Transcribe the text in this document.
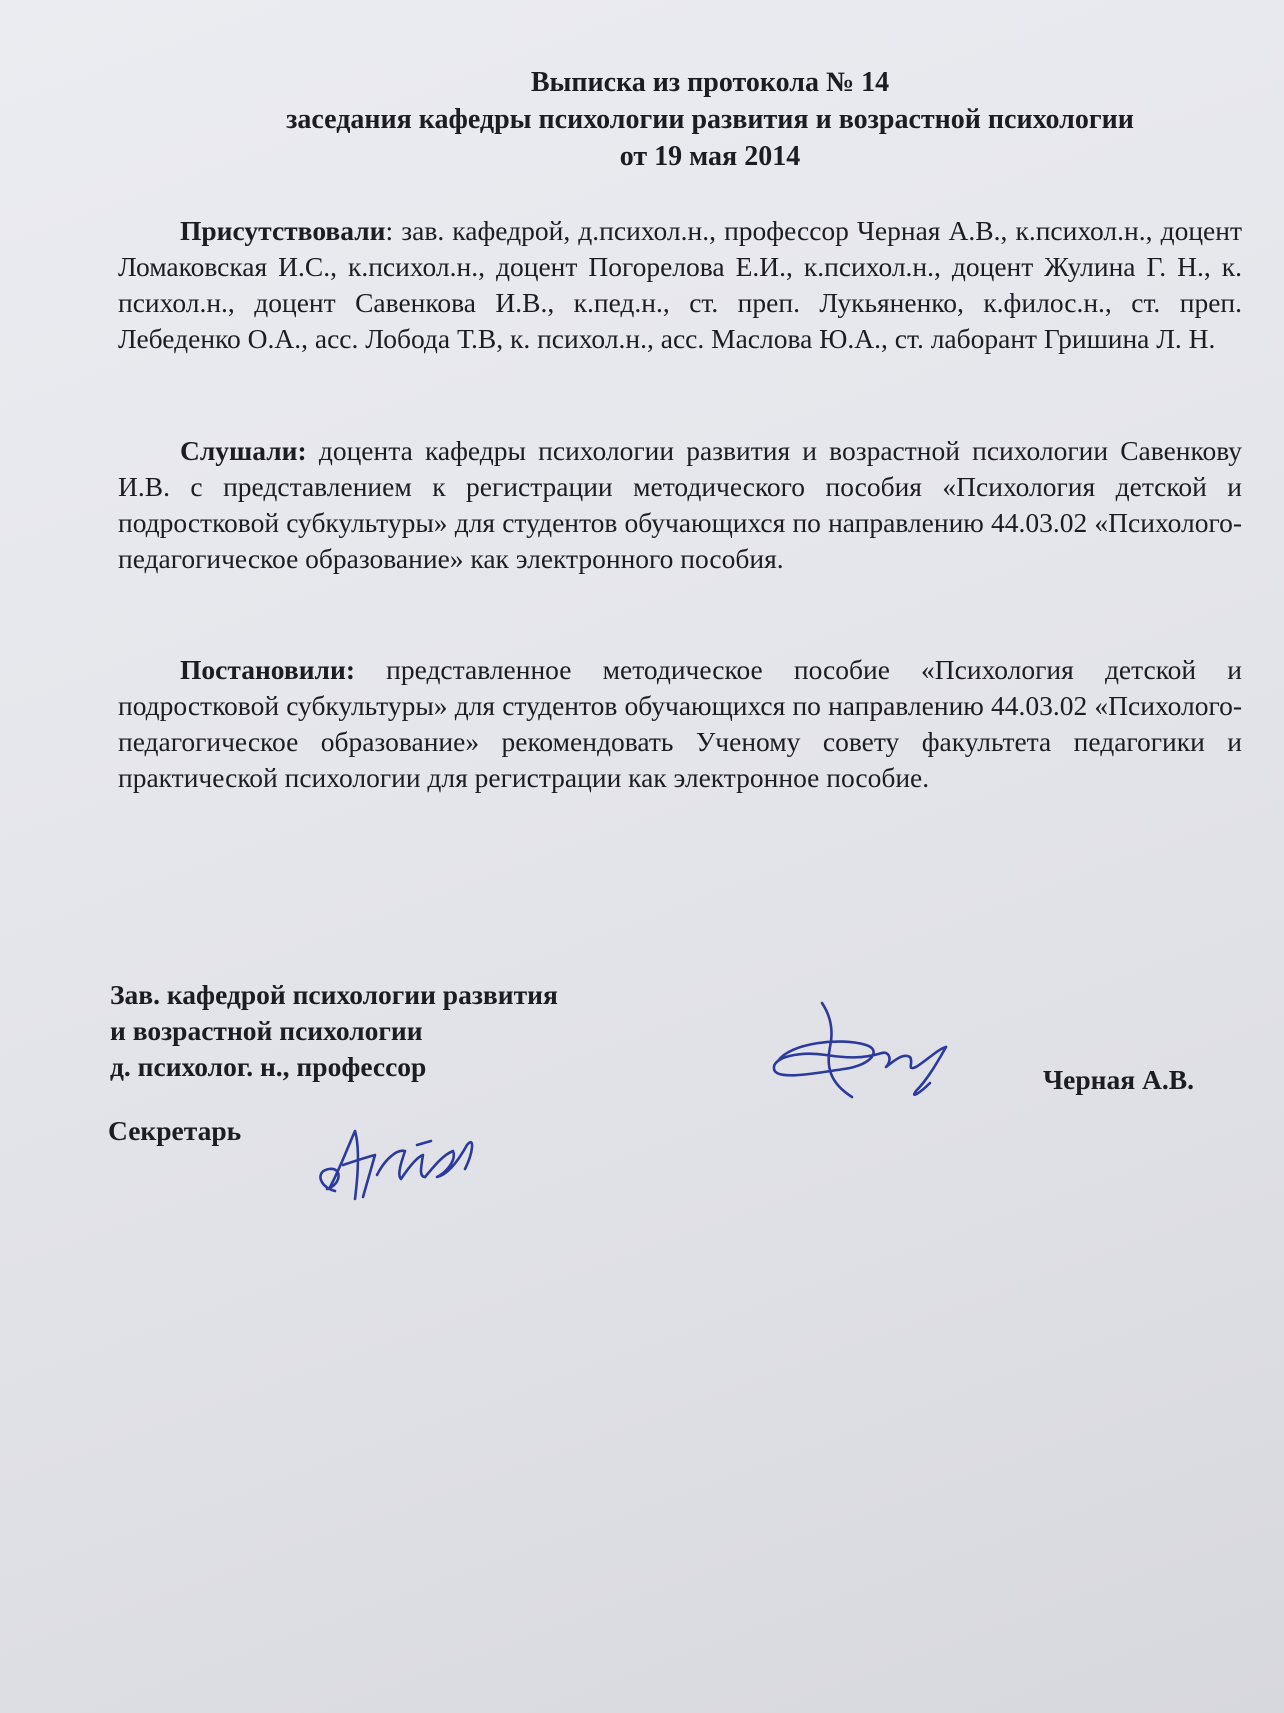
Выписка из протокола № 14
заседания кафедры психологии развития и возрастной психологии
от 19 мая 2014
Присутствовали: зав. кафедрой, д.психол.н., профессор Черная А.В., к.психол.н., доцент Ломаковская И.С., к.психол.н., доцент Погорелова Е.И., к.психол.н., доцент Жулина Г. Н., к. психол.н., доцент Савенкова И.В., к.пед.н., ст. преп. Лукьяненко, к.филос.н., ст. преп. Лебеденко О.А., асс. Лобода Т.В, к. психол.н., асс. Маслова Ю.А., ст. лаборант Гришина Л. Н.
Слушали: доцента кафедры психологии развития и возрастной психологии Савенкову И.В. с представлением к регистрации методического пособия «Психология детской и подростковой субкультуры» для студентов обучающихся по направлению 44.03.02 «Психолого-педагогическое образование» как электронного пособия.
Постановили: представленное методическое пособие «Психология детской и подростковой субкультуры» для студентов обучающихся по направлению 44.03.02 «Психолого-педагогическое образование» рекомендовать Ученому совету факультета педагогики и практической психологии для регистрации как электронное пособие.
Зав. кафедрой психологии развития
и возрастной психологии
д. психолог. н., профессор	Черная А.В.
Секретарь
